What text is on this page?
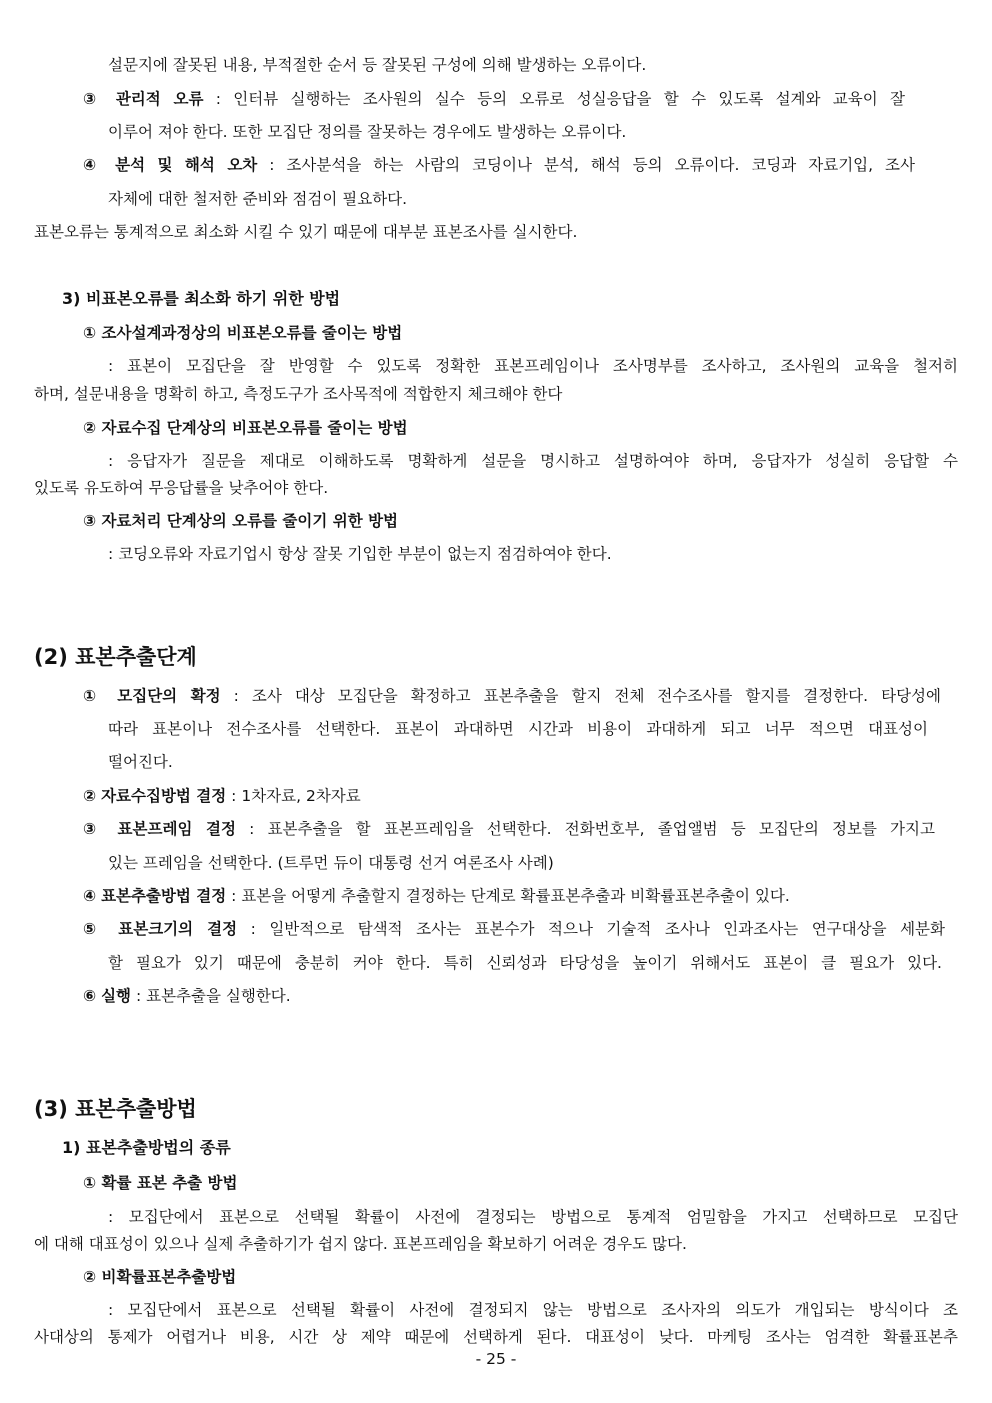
설문지에 잘못된 내용, 부적절한 순서 등 잘못된 구성에 의해 발생하는 오류이다.
③ 관리적 오류 : 인터뷰 실행하는 조사원의 실수 등의 오류로 성실응답을 할 수 있도록 설계와 교육이 잘
이루어 져야 한다. 또한 모집단 정의를 잘못하는 경우에도 발생하는 오류이다.
④ 분석 및 해석 오차 : 조사분석을 하는 사람의 코딩이나 분석, 해석 등의 오류이다. 코딩과 자료기입, 조사
자체에 대한 철저한 준비와 점검이 필요하다.
표본오류는 통계적으로 최소화 시킬 수 있기 때문에 대부분 표본조사를 실시한다.
3) 비표본오류를 최소화 하기 위한 방법
① 조사설계과정상의 비표본오류를 줄이는 방법
: 표본이 모집단을 잘 반영할 수 있도록 정확한 표본프레임이나 조사명부를 조사하고, 조사원의 교육을 철저히
하며, 설문내용을 명확히 하고, 측정도구가 조사목적에 적합한지 체크해야 한다
② 자료수집 단계상의 비표본오류를 줄이는 방법
: 응답자가 질문을 제대로 이해하도록 명확하게 설문을 명시하고 설명하여야 하며, 응답자가 성실히 응답할 수
있도록 유도하여 무응답률을 낮추어야 한다.
③ 자료처리 단계상의 오류를 줄이기 위한 방법
: 코딩오류와 자료기업시 항상 잘못 기입한 부분이 없는지 점검하여야 한다.
(2) 표본추출단계
① 모집단의 확정 : 조사 대상 모집단을 확정하고 표본추출을 할지 전체 전수조사를 할지를 결정한다. 타당성에
따라 표본이나 전수조사를 선택한다. 표본이 과대하면 시간과 비용이 과대하게 되고 너무 적으면 대표성이
떨어진다.
② 자료수집방법 결정 : 1차자료, 2차자료
③ 표본프레임 결정 : 표본추출을 할 표본프레임을 선택한다. 전화번호부, 졸업앨범 등 모집단의 정보를 가지고
있는 프레임을 선택한다. (트루먼 듀이 대통령 선거 여론조사 사례)
④ 표본추출방법 결정 : 표본을 어떻게 추출할지 결정하는 단계로 확률표본추출과 비확률표본추출이 있다.
⑤ 표본크기의 결정 : 일반적으로 탐색적 조사는 표본수가 적으나 기술적 조사나 인과조사는 연구대상을 세분화
할 필요가 있기 때문에 충분히 커야 한다. 특히 신뢰성과 타당성을 높이기 위해서도 표본이 클 필요가 있다.
⑥ 실행 : 표본추출을 실행한다.
(3) 표본추출방법
1) 표본추출방법의 종류
① 확률 표본 추출 방법
: 모집단에서 표본으로 선택될 확률이 사전에 결정되는 방법으로 통계적 엄밀함을 가지고 선택하므로 모집단
에 대해 대표성이 있으나 실제 추출하기가 쉽지 않다. 표본프레임을 확보하기 어려운 경우도 많다.
② 비확률표본추출방법
: 모집단에서 표본으로 선택될 확률이 사전에 결정되지 않는 방법으로 조사자의 의도가 개입되는 방식이다 조
사대상의 통제가 어렵거나 비용, 시간 상 제약 때문에 선택하게 된다. 대표성이 낮다. 마케팅 조사는 엄격한 확률표본추
- 25 -
